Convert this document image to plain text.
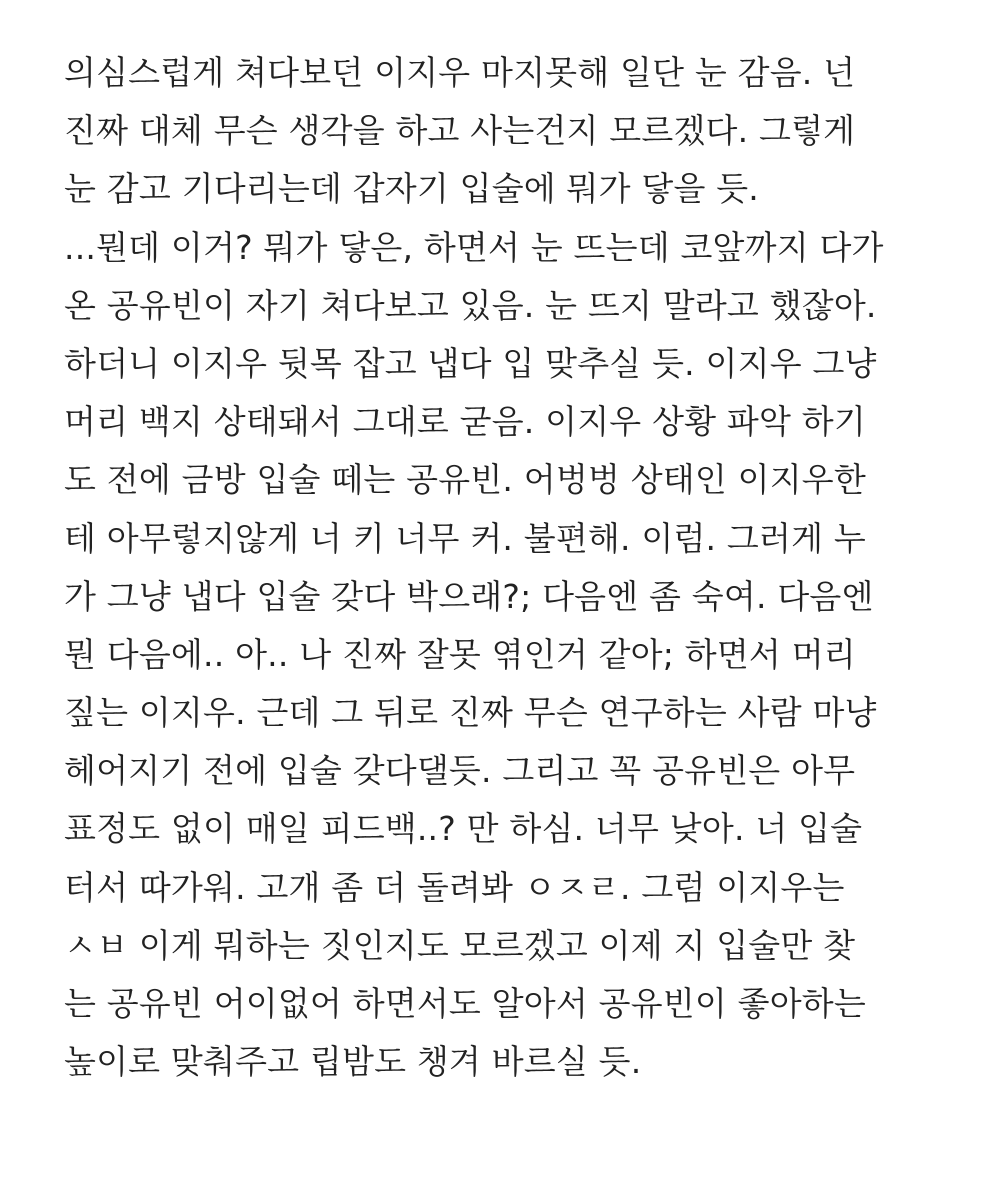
의심스럽게 쳐다보던 이지우 마지못해 일단 눈 감음. 넌
진짜 대체 무슨 생각을 하고 사는건지 모르겠다. 그렇게
눈 감고 기다리는데 갑자기 입술에 뭐가 닿을 듯.
...뭔데 이거? 뭐가 닿은, 하면서 눈 뜨는데 코앞까지 다가
온 공유빈이 자기 쳐다보고 있음. 눈 뜨지 말라고 했잖아.
하더니 이지우 뒷목 잡고 냅다 입 맞추실 듯. 이지우 그냥
머리 백지 상태돼서 그대로 굳음. 이지우 상황 파악 하기
도 전에 금방 입술 떼는 공유빈. 어벙벙 상태인 이지우한
테 아무렇지않게 너 키 너무 커. 불편해. 이럼. 그러게 누
가 그냥 냅다 입술 갖다 박으래?; 다음엔 좀 숙여. 다음엔
뭔 다음에.. 아.. 나 진짜 잘못 엮인거 같아; 하면서 머리
짚는 이지우. 근데 그 뒤로 진짜 무슨 연구하는 사람 마냥
헤어지기 전에 입술 갖다댈듯. 그리고 꼭 공유빈은 아무
표정도 없이 매일 피드백..? 만 하심. 너무 낮아. 너 입술
터서 따가워. 고개 좀 더 돌려봐 ㅇㅈㄹ. 그럼 이지우는
ㅅㅂ 이게 뭐하는 짓인지도 모르겠고 이제 지 입술만 찾
는 공유빈 어이없어 하면서도 알아서 공유빈이 좋아하는
높이로 맞춰주고 립밤도 챙겨 바르실 듯.
